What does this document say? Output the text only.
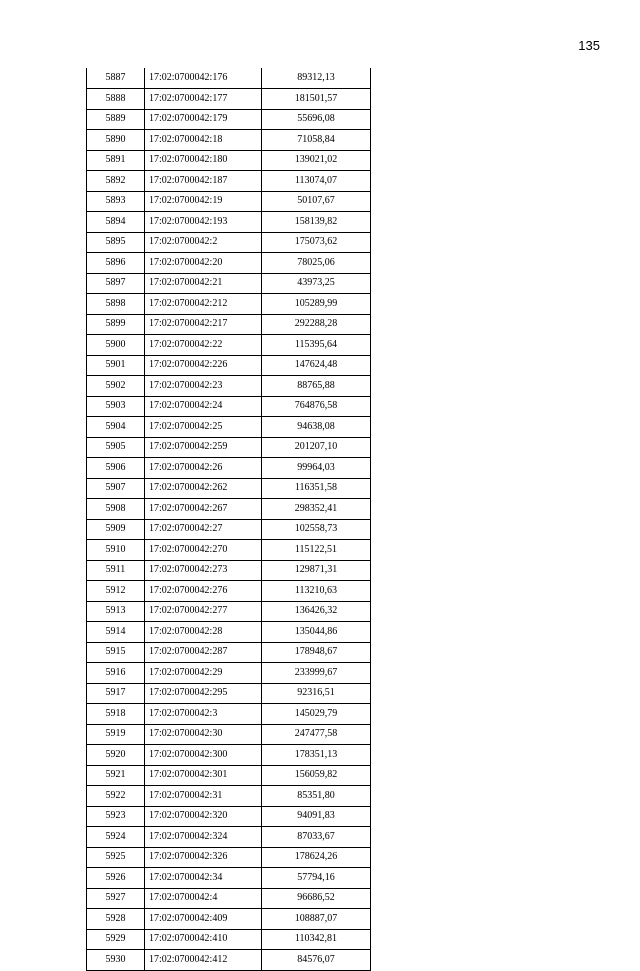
135
5887	17:02:0700042:176	89312,13
5888	17:02:0700042:177	181501,57
5889	17:02:0700042:179	55696,08
5890	17:02:0700042:18	71058,84
5891	17:02:0700042:180	139021,02
5892	17:02:0700042:187	113074,07
5893	17:02:0700042:19	50107,67
5894	17:02:0700042:193	158139,82
5895	17:02:0700042:2	175073,62
5896	17:02:0700042:20	78025,06
5897	17:02:0700042:21	43973,25
5898	17:02:0700042:212	105289,99
5899	17:02:0700042:217	292288,28
5900	17:02:0700042:22	115395,64
5901	17:02:0700042:226	147624,48
5902	17:02:0700042:23	88765,88
5903	17:02:0700042:24	764876,58
5904	17:02:0700042:25	94638,08
5905	17:02:0700042:259	201207,10
5906	17:02:0700042:26	99964,03
5907	17:02:0700042:262	116351,58
5908	17:02:0700042:267	298352,41
5909	17:02:0700042:27	102558,73
5910	17:02:0700042:270	115122,51
5911	17:02:0700042:273	129871,31
5912	17:02:0700042:276	113210,63
5913	17:02:0700042:277	136426,32
5914	17:02:0700042:28	135044,86
5915	17:02:0700042:287	178948,67
5916	17:02:0700042:29	233999,67
5917	17:02:0700042:295	92316,51
5918	17:02:0700042:3	145029,79
5919	17:02:0700042:30	247477,58
5920	17:02:0700042:300	178351,13
5921	17:02:0700042:301	156059,82
5922	17:02:0700042:31	85351,80
5923	17:02:0700042:320	94091,83
5924	17:02:0700042:324	87033,67
5925	17:02:0700042:326	178624,26
5926	17:02:0700042:34	57794,16
5927	17:02:0700042:4	96686,52
5928	17:02:0700042:409	108887,07
5929	17:02:0700042:410	110342,81
5930	17:02:0700042:412	84576,07
